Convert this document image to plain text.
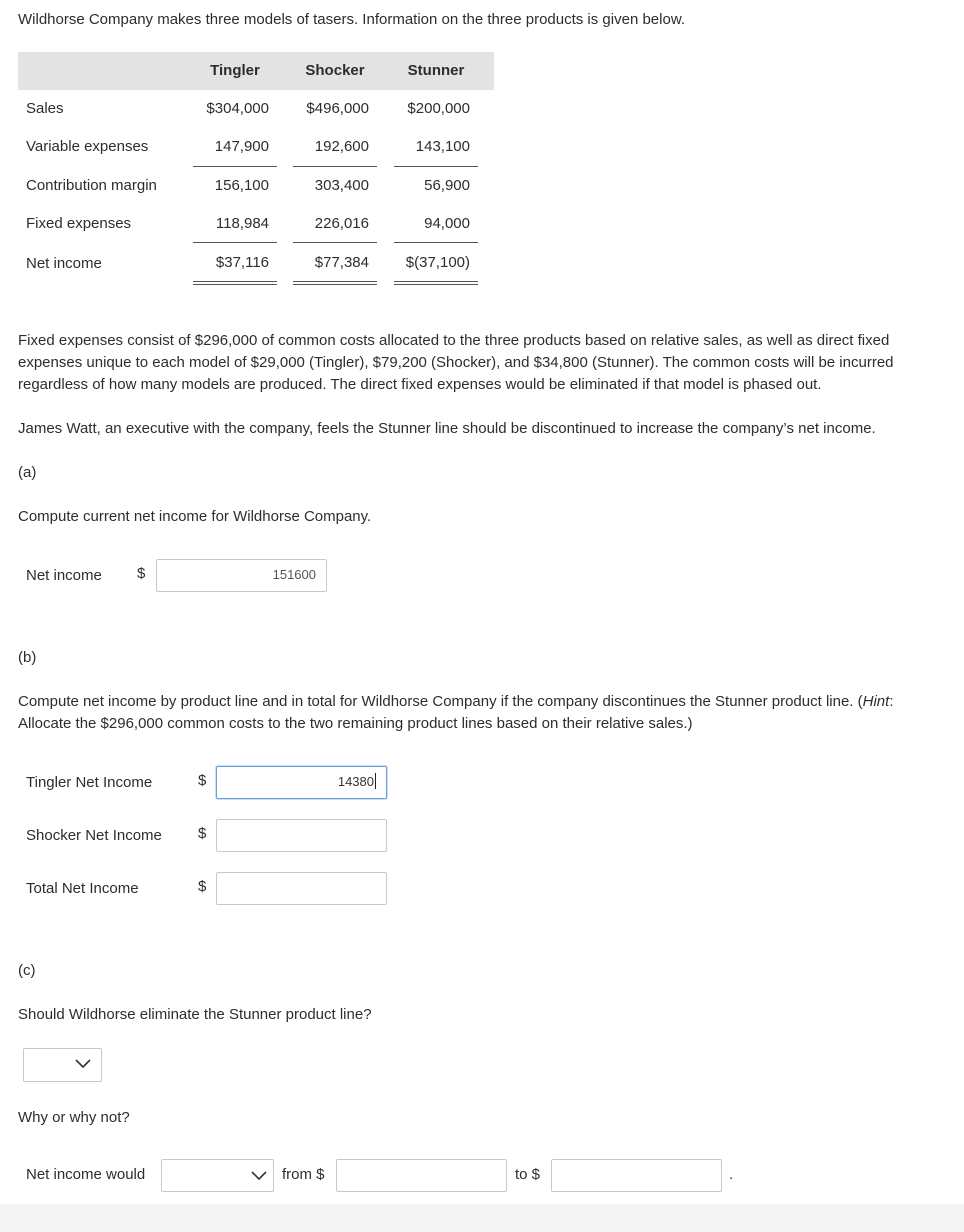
Wildhorse Company makes three models of tasers. Information on the three products is given below.
Tingler	Shocker	Stunner
Sales	$304,000	$496,000	$200,000
Variable expenses	147,900	192,600	143,100
Contribution margin	156,100	303,400	56,900
Fixed expenses	118,984	226,016	94,000
Net income	$37,116	$77,384	$(37,100)
Fixed expenses consist of $296,000 of common costs allocated to the three products based on relative sales, as well as direct fixed expenses unique to each model of $29,000 (Tingler), $79,200 (Shocker), and $34,800 (Stunner). The common costs will be incurred regardless of how many models are produced. The direct fixed expenses would be eliminated if that model is phased out.
James Watt, an executive with the company, feels the Stunner line should be discontinued to increase the company’s net income.
(a)
Compute current net income for Wildhorse Company.
Net income $	151600
(b)
Compute net income by product line and in total for Wildhorse Company if the company discontinues the Stunner product line. (Hint: Allocate the $296,000 common costs to the two remaining product lines based on their relative sales.)
Tingler Net Income	$	14380
Shocker Net Income $
Total Net Income	$
(c)
Should Wildhorse eliminate the Stunner product line?
Why or why not?
Net income would	from $	to $	.
